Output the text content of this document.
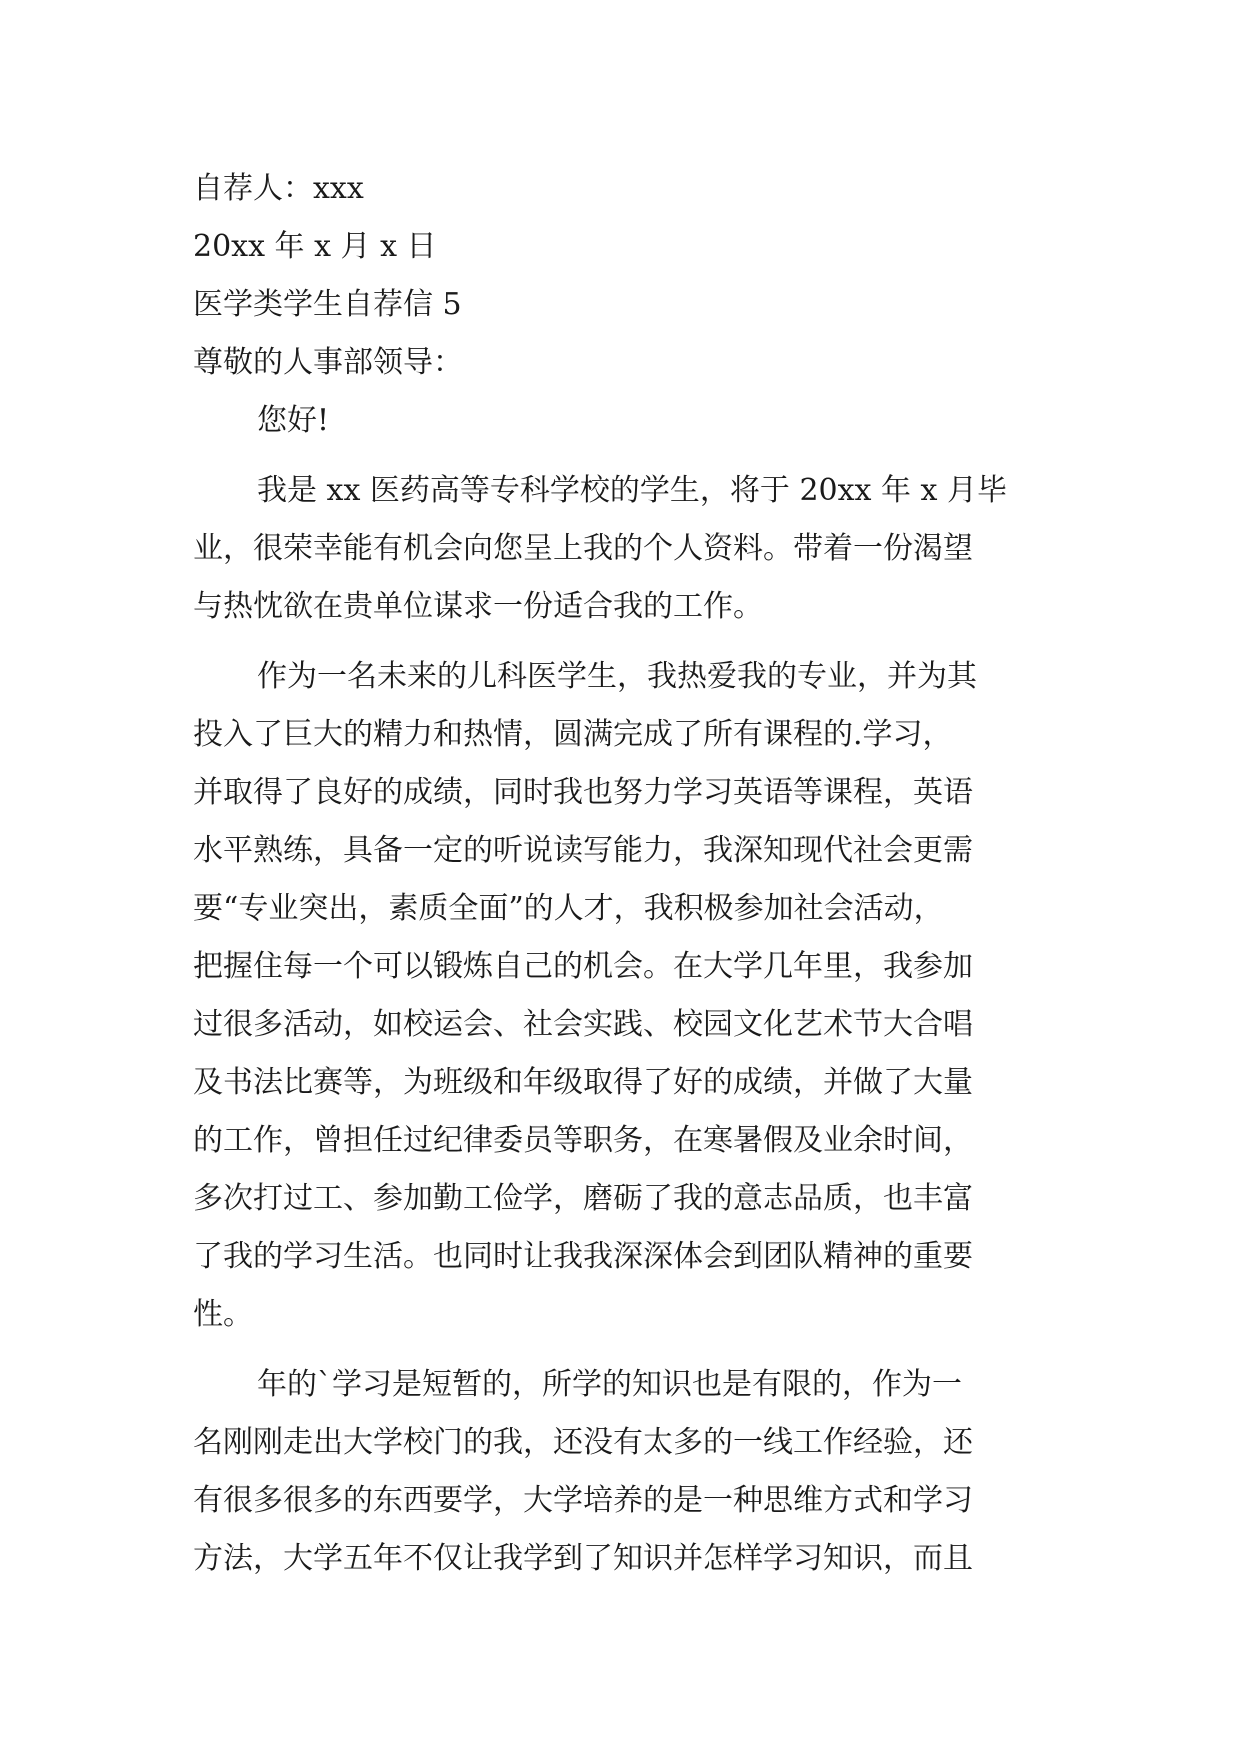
自荐人：xxx
20xx 年 x 月 x 日
医学类学生自荐信 5
尊敬的人事部领导：
您好!
我是 xx 医药高等专科学校的学生，将于 20xx 年 x 月毕
业，很荣幸能有机会向您呈上我的个人资料。带着一份渴望
与热忱欲在贵单位谋求一份适合我的工作。
作为一名未来的儿科医学生，我热爱我的专业，并为其
投入了巨大的精力和热情，圆满完成了所有课程的.学习，
并取得了良好的成绩，同时我也努力学习英语等课程，英语
水平熟练，具备一定的听说读写能力，我深知现代社会更需
要“专业突出，素质全面”的人才，我积极参加社会活动，
把握住每一个可以锻炼自己的机会。在大学几年里，我参加
过很多活动，如校运会、社会实践、校园文化艺术节大合唱
及书法比赛等，为班级和年级取得了好的成绩，并做了大量
的工作，曾担任过纪律委员等职务，在寒暑假及业余时间，
多次打过工、参加勤工俭学，磨砺了我的意志品质，也丰富
了我的学习生活。也同时让我我深深体会到团队精神的重要
性。
年的`学习是短暂的，所学的知识也是有限的，作为一
名刚刚走出大学校门的我，还没有太多的一线工作经验，还
有很多很多的东西要学，大学培养的是一种思维方式和学习
方法，大学五年不仅让我学到了知识并怎样学习知识，而且
